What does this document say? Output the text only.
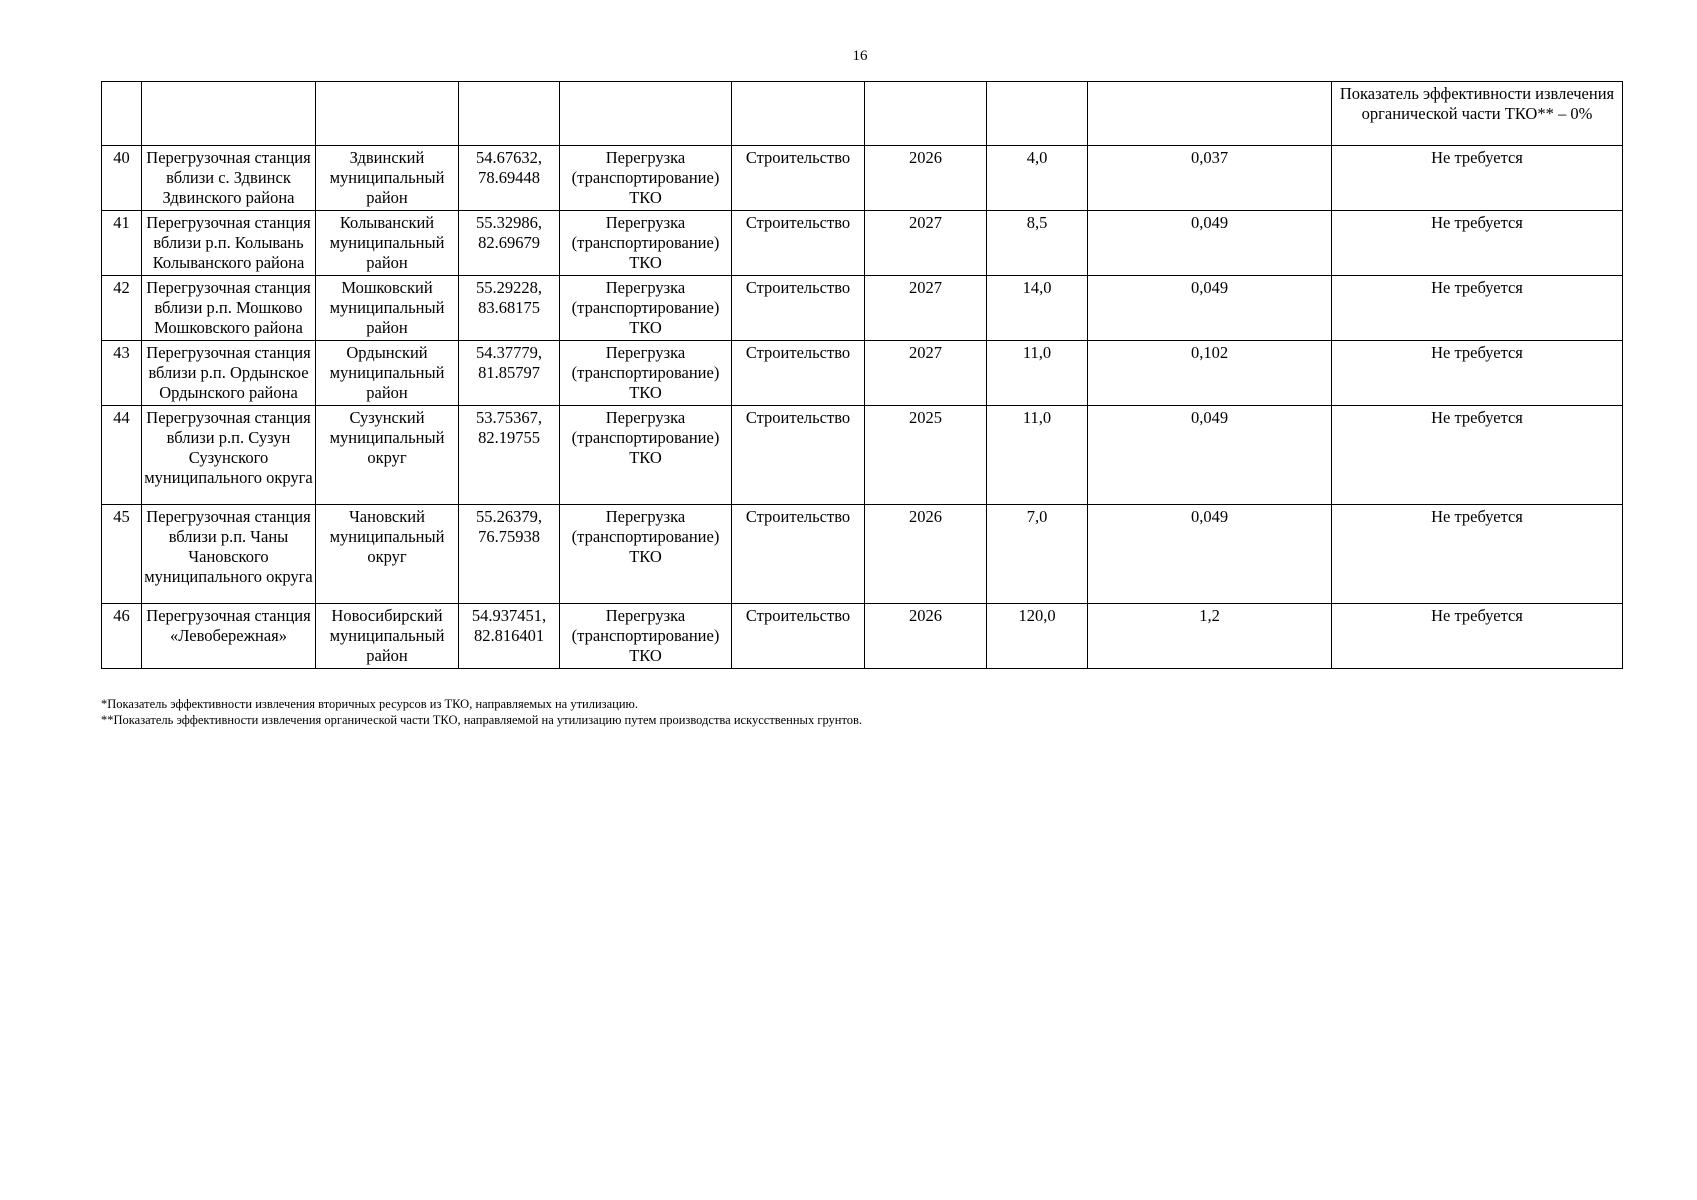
16
									Показатель эффективности извлечения органической части ТКО** – 0%
40	Перегрузочная станция вблизи с. Здвинск Здвинского района	Здвинский муниципальный район	54.67632, 78.69448	Перегрузка (транспортирование) ТКО	Строительство	2026	4,0	0,037	Не требуется
41	Перегрузочная станция вблизи р.п. Колывань Колыванского района	Колыванский муниципальный район	55.32986, 82.69679	Перегрузка (транспортирование) ТКО	Строительство	2027	8,5	0,049	Не требуется
42	Перегрузочная станция вблизи р.п. Мошково Мошковского района	Мошковский муниципальный район	55.29228, 83.68175	Перегрузка (транспортирование) ТКО	Строительство	2027	14,0	0,049	Не требуется
43	Перегрузочная станция вблизи р.п. Ордынское Ордынского района	Ордынский муниципальный район	54.37779, 81.85797	Перегрузка (транспортирование) ТКО	Строительство	2027	11,0	0,102	Не требуется
44	Перегрузочная станция вблизи р.п. Сузун Сузунского муниципального округа	Сузунский муниципальный округ	53.75367, 82.19755	Перегрузка (транспортирование) ТКО	Строительство	2025	11,0	0,049	Не требуется
45	Перегрузочная станция вблизи р.п. Чаны Чановского муниципального округа	Чановский муниципальный округ	55.26379, 76.75938	Перегрузка (транспортирование) ТКО	Строительство	2026	7,0	0,049	Не требуется
46	Перегрузочная станция «Левобережная»	Новосибирский муниципальный район	54.937451, 82.816401	Перегрузка (транспортирование) ТКО	Строительство	2026	120,0	1,2	Не требуется
*Показатель эффективности извлечения вторичных ресурсов из ТКО, направляемых на утилизацию.
**Показатель эффективности извлечения органической части ТКО, направляемой на утилизацию путем производства искусственных грунтов.
